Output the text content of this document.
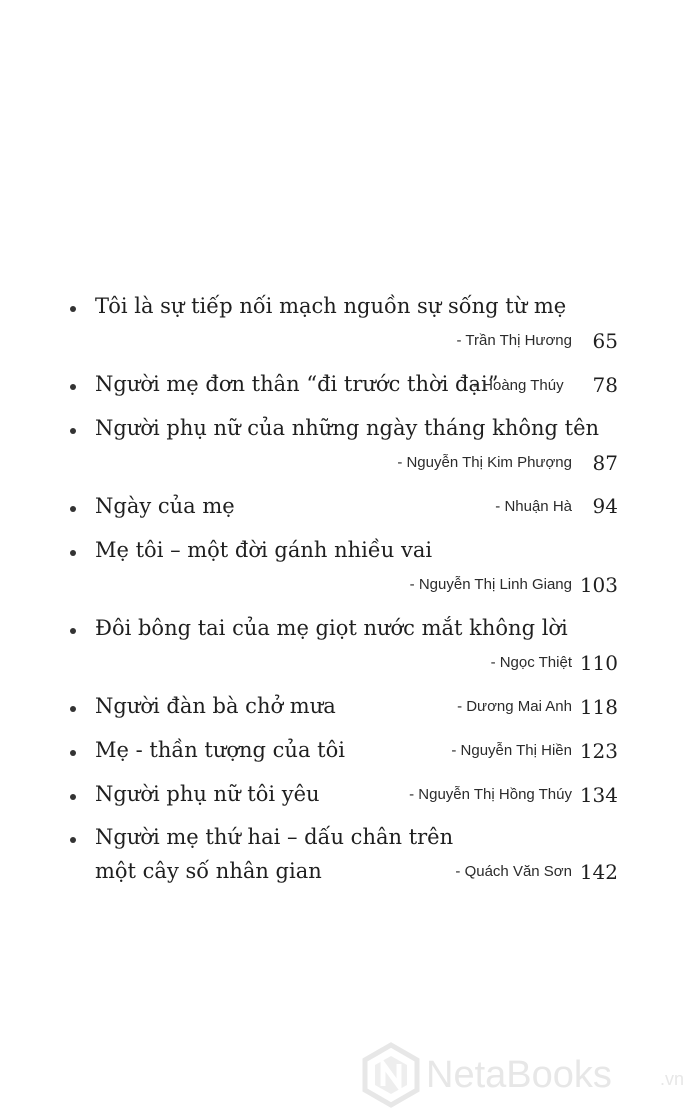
Tôi là sự tiếp nối mạch nguồn sự sống từ mẹ
- Trần Thị Hương	65
Người mẹ đơn thân “đi trước thời đại”
- Hoàng Thúy	78
Người phụ nữ của những ngày tháng không tên
- Nguyễn Thị Kim Phượng	87
Ngày của mẹ	- Nhuận Hà	94
Mẹ tôi – một đời gánh nhiều vai
- Nguyễn Thị Linh Giang 103
Đôi bông tai của mẹ giọt nước mắt không lời
- Ngọc Thiệt 110
Người đàn bà chở mưa	- Dương Mai Anh 118
Mẹ - thần tượng của tôi	- Nguyễn Thị Hiền 123
Người phụ nữ tôi yêu	- Nguyễn Thị Hồng Thúy 134
Người mẹ thứ hai – dấu chân trên
một cây số nhân gian	- Quách Văn Sơn 142
NetaBooks	.vn
